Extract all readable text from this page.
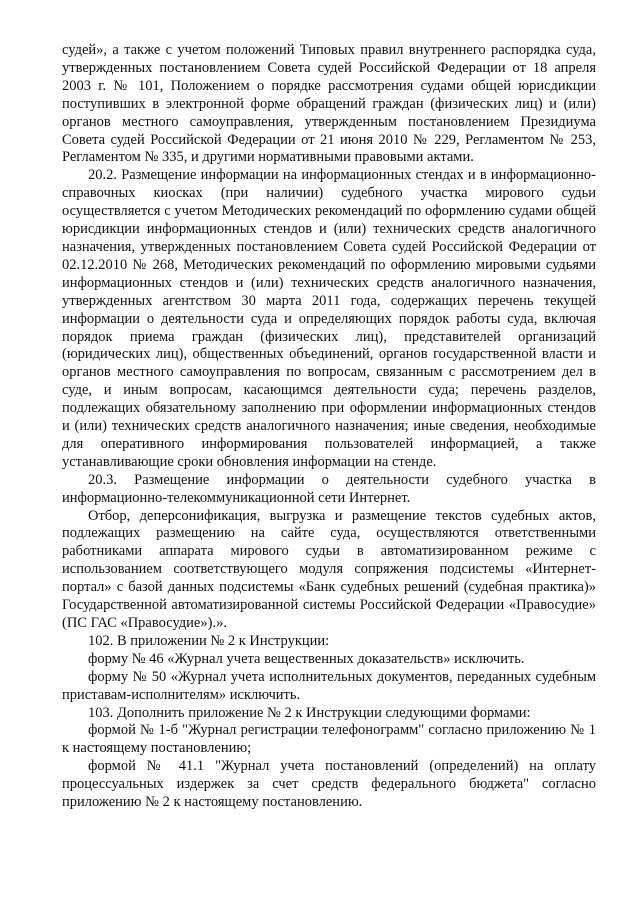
судей», а также с учетом положений Типовых правил внутреннего распорядка суда, утвержденных постановлением Совета судей Российской Федерации от 18 апреля 2003 г. № 101, Положением о порядке рассмотрения судами общей юрисдикции поступивших в электронной форме обращений граждан (физических лиц) и (или) органов местного самоуправления, утвержденным постановлением Президиума Совета судей Российской Федерации от 21 июня 2010 № 229, Регламентом № 253, Регламентом № 335, и другими нормативными правовыми актами.

20.2. Размещение информации на информационных стендах и в информационно-справочных киосках (при наличии) судебного участка мирового судьи осуществляется с учетом Методических рекомендаций по оформлению судами общей юрисдикции информационных стендов и (или) технических средств аналогичного назначения, утвержденных постановлением Совета судей Российской Федерации от 02.12.2010 № 268, Методических рекомендаций по оформлению мировыми судьями информационных стендов и (или) технических средств аналогичного назначения, утвержденных агентством 30 марта 2011 года, содержащих перечень текущей информации о деятельности суда и определяющих порядок работы суда, включая порядок приема граждан (физических лиц), представителей организаций (юридических лиц), общественных объединений, органов государственной власти и органов местного самоуправления по вопросам, связанным с рассмотрением дел в суде, и иным вопросам, касающимся деятельности суда; перечень разделов, подлежащих обязательному заполнению при оформлении информационных стендов и (или) технических средств аналогичного назначения; иные сведения, необходимые для оперативного информирования пользователей информацией, а также устанавливающие сроки обновления информации на стенде.

20.3. Размещение информации о деятельности судебного участка в информационно-телекоммуникационной сети Интернет.

Отбор, деперсонификация, выгрузка и размещение текстов судебных актов, подлежащих размещению на сайте суда, осуществляются ответственными работниками аппарата мирового судьи в автоматизированном режиме с использованием соответствующего модуля сопряжения подсистемы «Интернет-портал» с базой данных подсистемы «Банк судебных решений (судебная практика)» Государственной автоматизированной системы Российской Федерации «Правосудие» (ПС ГАС «Правосудие»).».

102. В приложении № 2 к Инструкции:

форму № 46 «Журнал учета вещественных доказательств» исключить.

форму № 50 «Журнал учета исполнительных документов, переданных судебным приставам-исполнителям» исключить.

103. Дополнить приложение № 2 к Инструкции следующими формами:

формой № 1-б "Журнал регистрации телефонограмм" согласно приложению № 1 к настоящему постановлению;

формой № 41.1 "Журнал учета постановлений (определений) на оплату процессуальных издержек за счет средств федерального бюджета" согласно приложению № 2 к настоящему постановлению.
